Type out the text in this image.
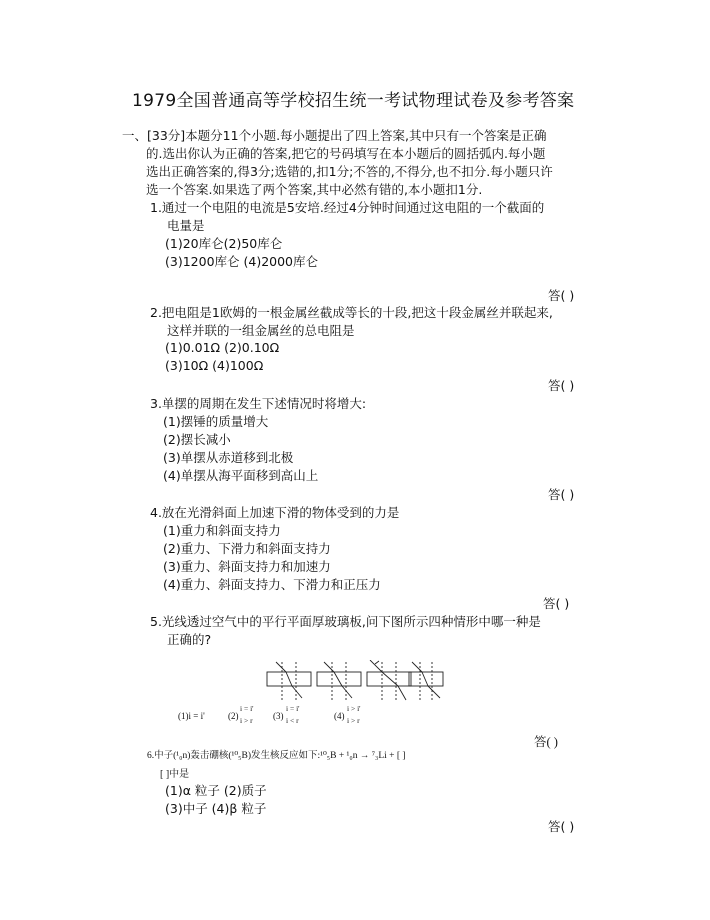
1979全国普通高等学校招生统一考试物理试卷及参考答案
一、[33分]本题分11个小题.每小题提出了四上答案,其中只有一个答案是正确
的.选出你认为正确的答案,把它的号码填写在本小题后的圆括弧内.每小题
选出正确答案的,得3分;选错的,扣1分;不答的,不得分,也不扣分.每小题只许
选一个答案.如果选了两个答案,其中必然有错的,本小题扣1分.
1.通过一个电阻的电流是5安培.经过4分钟时间通过这电阻的一个截面的
电量是
(1)20库仑(2)50库仑
(3)1200库仑 (4)2000库仑
答( )
2.把电阻是1欧姆的一根金属丝截成等长的十段,把这十段金属丝并联起来,
这样并联的一组金属丝的总电阻是
(1)0.01Ω (2)0.10Ω
(3)10Ω (4)100Ω
答( )
3.单摆的周期在发生下述情况时将增大:
(1)摆锤的质量增大
(2)摆长减小
(3)单摆从赤道移到北极
(4)单摆从海平面移到高山上
答( )
4.放在光滑斜面上加速下滑的物体受到的力是
(1)重力和斜面支持力
(2)重力、下滑力和斜面支持力
(3)重力、斜面支持力和加速力
(4)重力、斜面支持力、下滑力和正压力
答( )
5.光线透过空气中的平行平面厚玻璃板,问下图所示四种情形中哪一种是
正确的?
(1)i = i'	(2)
i = i'
i > r (3)
i = i'
i < r	(4)
i > i'
i > r
答( )
6.中子(¹₀n)轰击硼核(¹⁰₅B)发生核反应如下:¹⁰₅B + ¹₀n → ⁷₃Li + [ ]
[ ]中是
(1)α 粒子 (2)质子
(3)中子 (4)β 粒子
答( )
